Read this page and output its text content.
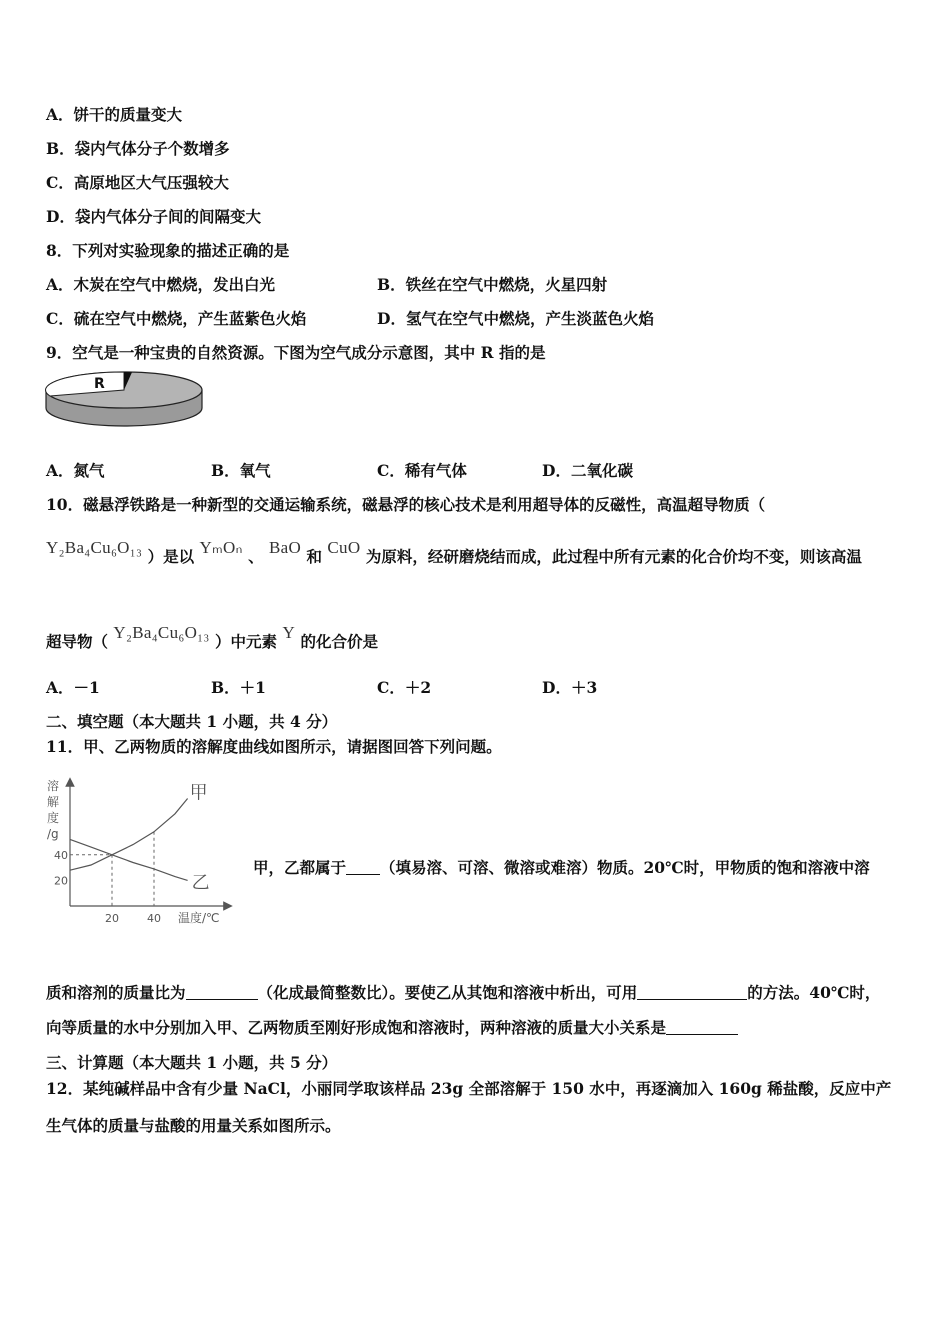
A．饼干的质量变大
B．袋内气体分子个数增多
C．高原地区大气压强较大
D．袋内气体分子间的间隔变大
8．下列对实验现象的描述正确的是
A．木炭在空气中燃烧，发出白光	B．铁丝在空气中燃烧，火星四射
C．硫在空气中燃烧，产生蓝紫色火焰	D．氢气在空气中燃烧，产生淡蓝色火焰
9．空气是一种宝贵的自然资源。下图为空气成分示意图，其中 R 指的是
R
A．氮气	B．氧气	C．稀有气体	D．二氧化碳
10．磁悬浮铁路是一种新型的交通运输系统，磁悬浮的核心技术是利用超导体的反磁性，高温超导物质（
Y₂Ba₄Cu₆O₁₃ ）是以 YₘOₙ 、 BaO 和 CuO 为原料，经研磨烧结而成，此过程中所有元素的化合价均不变，则该高温
超导物（ Y₂Ba₄Cu₆O₁₃ ）中元素 Y 的化合价是
A．－1	B．＋1	C．＋2	D．＋3
二、填空题（本大题共 1 小题，共 4 分）
11．甲、乙两物质的溶解度曲线如图所示，请据图回答下列问题。
溶
解
度
/g
40
20
20	40
甲
乙
温度/℃
甲，乙都属于 （填易溶、可溶、微溶或难溶）物质。20℃时，甲物质的饱和溶液中溶
质和溶剂的质量比为	（化成最简整数比）。要使乙从其饱和溶液中析出，可用	的方法。40℃时，
向等质量的水中分别加入甲、乙两物质至刚好形成饱和溶液时，两种溶液的质量大小关系是
三、计算题（本大题共 1 小题，共 5 分）
12．某纯碱样品中含有少量 NaCl，小丽同学取该样品 23g 全部溶解于 150 水中，再逐滴加入 160g 稀盐酸，反应中产
生气体的质量与盐酸的用量关系如图所示。
